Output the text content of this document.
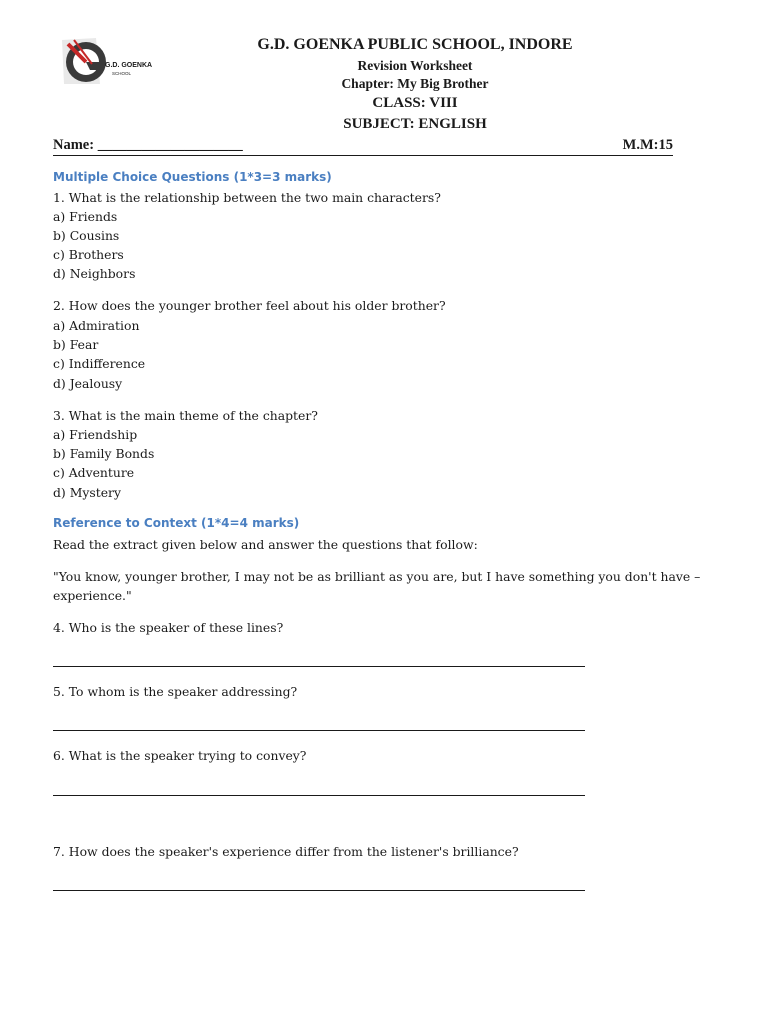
G.D. GOENKA
SCHOOL
G.D. GOENKA PUBLIC SCHOOL, INDORE
Revision Worksheet
Chapter: My Big Brother
CLASS: VIII
SUBJECT: ENGLISH
Name: ____________________	M.M:15
Multiple Choice Questions (1*3=3 marks)
1. What is the relationship between the two main characters?
a) Friends
b) Cousins
c) Brothers
d) Neighbors
2. How does the younger brother feel about his older brother?
a) Admiration
b) Fear
c) Indifference
d) Jealousy
3. What is the main theme of the chapter?
a) Friendship
b) Family Bonds
c) Adventure
d) Mystery
Reference to Context (1*4=4 marks)
Read the extract given below and answer the questions that follow:
"You know, younger brother, I may not be as brilliant as you are, but I have something you don't have –
experience."
4. Who is the speaker of these lines?
5. To whom is the speaker addressing?
6. What is the speaker trying to convey?
7. How does the speaker's experience differ from the listener's brilliance?
